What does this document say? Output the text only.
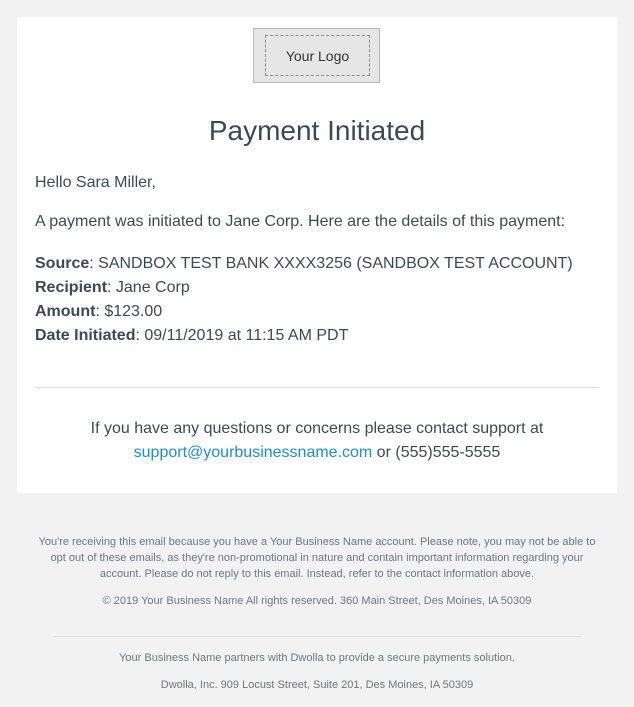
Your Logo
Payment Initiated
Hello Sara Miller,
A payment was initiated to Jane Corp. Here are the details of this payment:
Source: SANDBOX TEST BANK XXXX3256 (SANDBOX TEST ACCOUNT)
Recipient: Jane Corp
Amount: $123.00
Date Initiated: 09/11/2019 at 11:15 AM PDT
If you have any questions or concerns please contact support at
support@yourbusinessname.com or (555)555-5555
You're receiving this email because you have a Your Business Name account. Please note, you may not be able to opt out of these emails, as they're non-promotional in nature and contain important information regarding your account. Please do not reply to this email. Instead, refer to the contact information above.
© 2019 Your Business Name All rights reserved. 360 Main Street, Des Moines, IA 50309
Your Business Name partners with Dwolla to provide a secure payments solution.
Dwolla, Inc. 909 Locust Street, Suite 201, Des Moines, IA 50309
